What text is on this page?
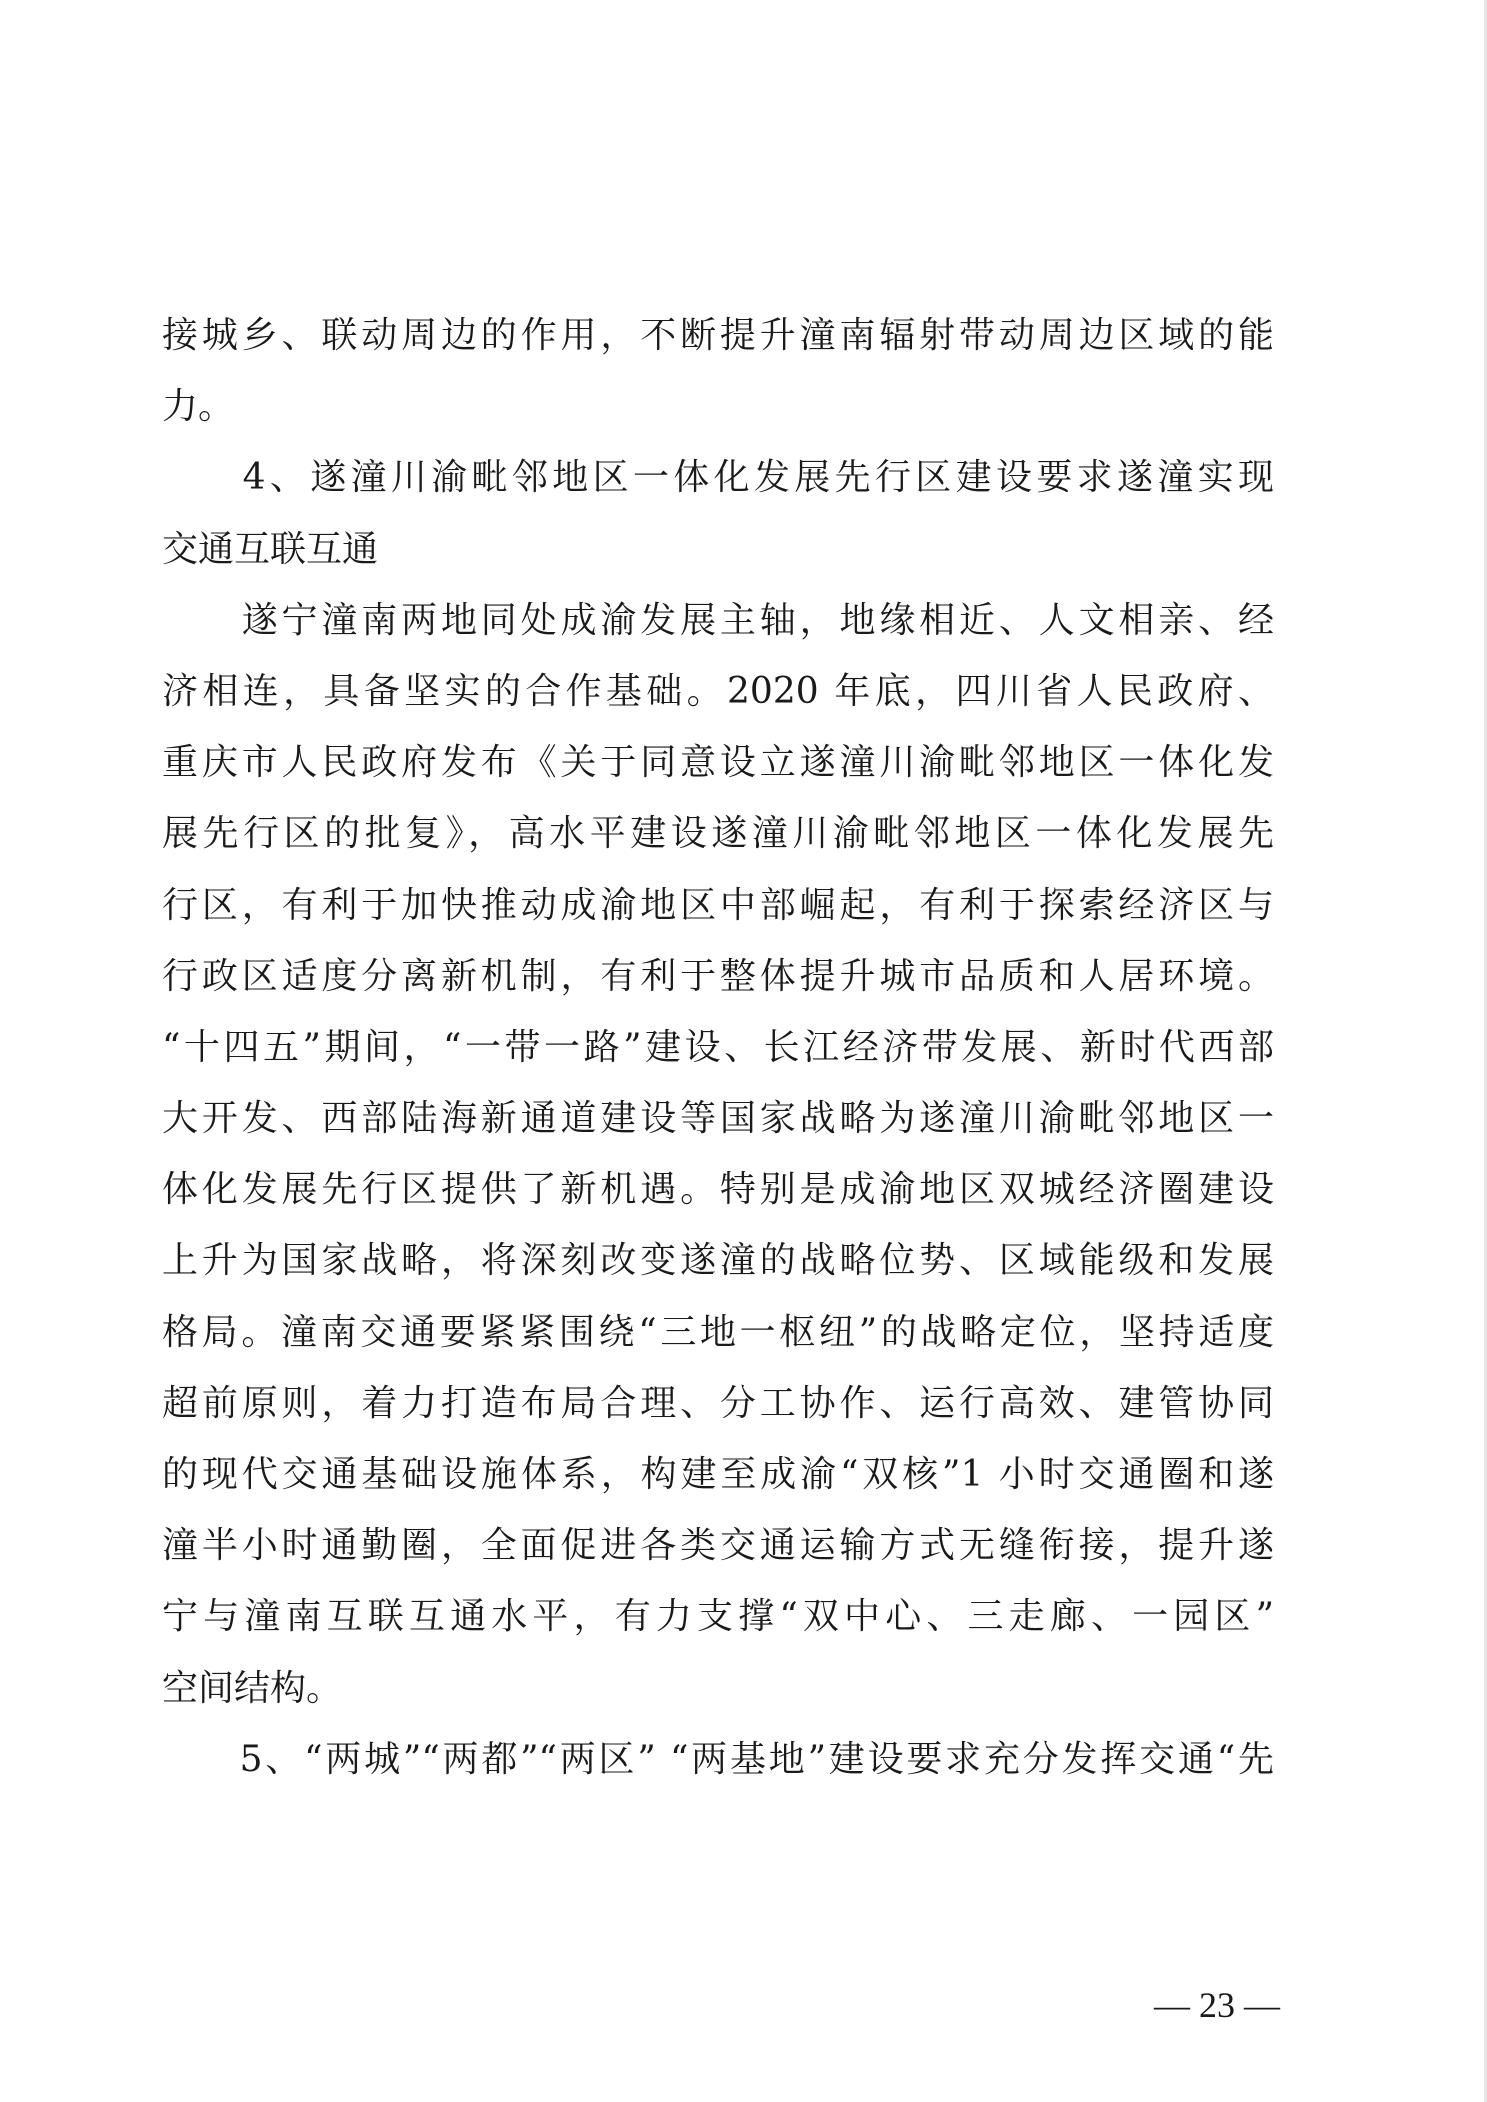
接城乡、联动周边的作用，不断提升潼南辐射带动周边区域的能
力。
　　4、遂潼川渝毗邻地区一体化发展先行区建设要求遂潼实现
交通互联互通
　　遂宁潼南两地同处成渝发展主轴，地缘相近、人文相亲、经
济相连，具备坚实的合作基础。2020 年底，四川省人民政府、
重庆市人民政府发布《关于同意设立遂潼川渝毗邻地区一体化发
展先行区的批复》，高水平建设遂潼川渝毗邻地区一体化发展先
行区，有利于加快推动成渝地区中部崛起，有利于探索经济区与
行政区适度分离新机制，有利于整体提升城市品质和人居环境。
“十四五”期间，“一带一路”建设、长江经济带发展、新时代西部
大开发、西部陆海新通道建设等国家战略为遂潼川渝毗邻地区一
体化发展先行区提供了新机遇。特别是成渝地区双城经济圈建设
上升为国家战略，将深刻改变遂潼的战略位势、区域能级和发展
格局。潼南交通要紧紧围绕“三地一枢纽”的战略定位，坚持适度
超前原则，着力打造布局合理、分工协作、运行高效、建管协同
的现代交通基础设施体系，构建至成渝“双核”1 小时交通圈和遂
潼半小时通勤圈，全面促进各类交通运输方式无缝衔接，提升遂
宁与潼南互联互通水平，有力支撑“双中心、三走廊、一园区”
空间结构。
　　5、“两城”“两都”“两区” “两基地”建设要求充分发挥交通“先
— 23 —
